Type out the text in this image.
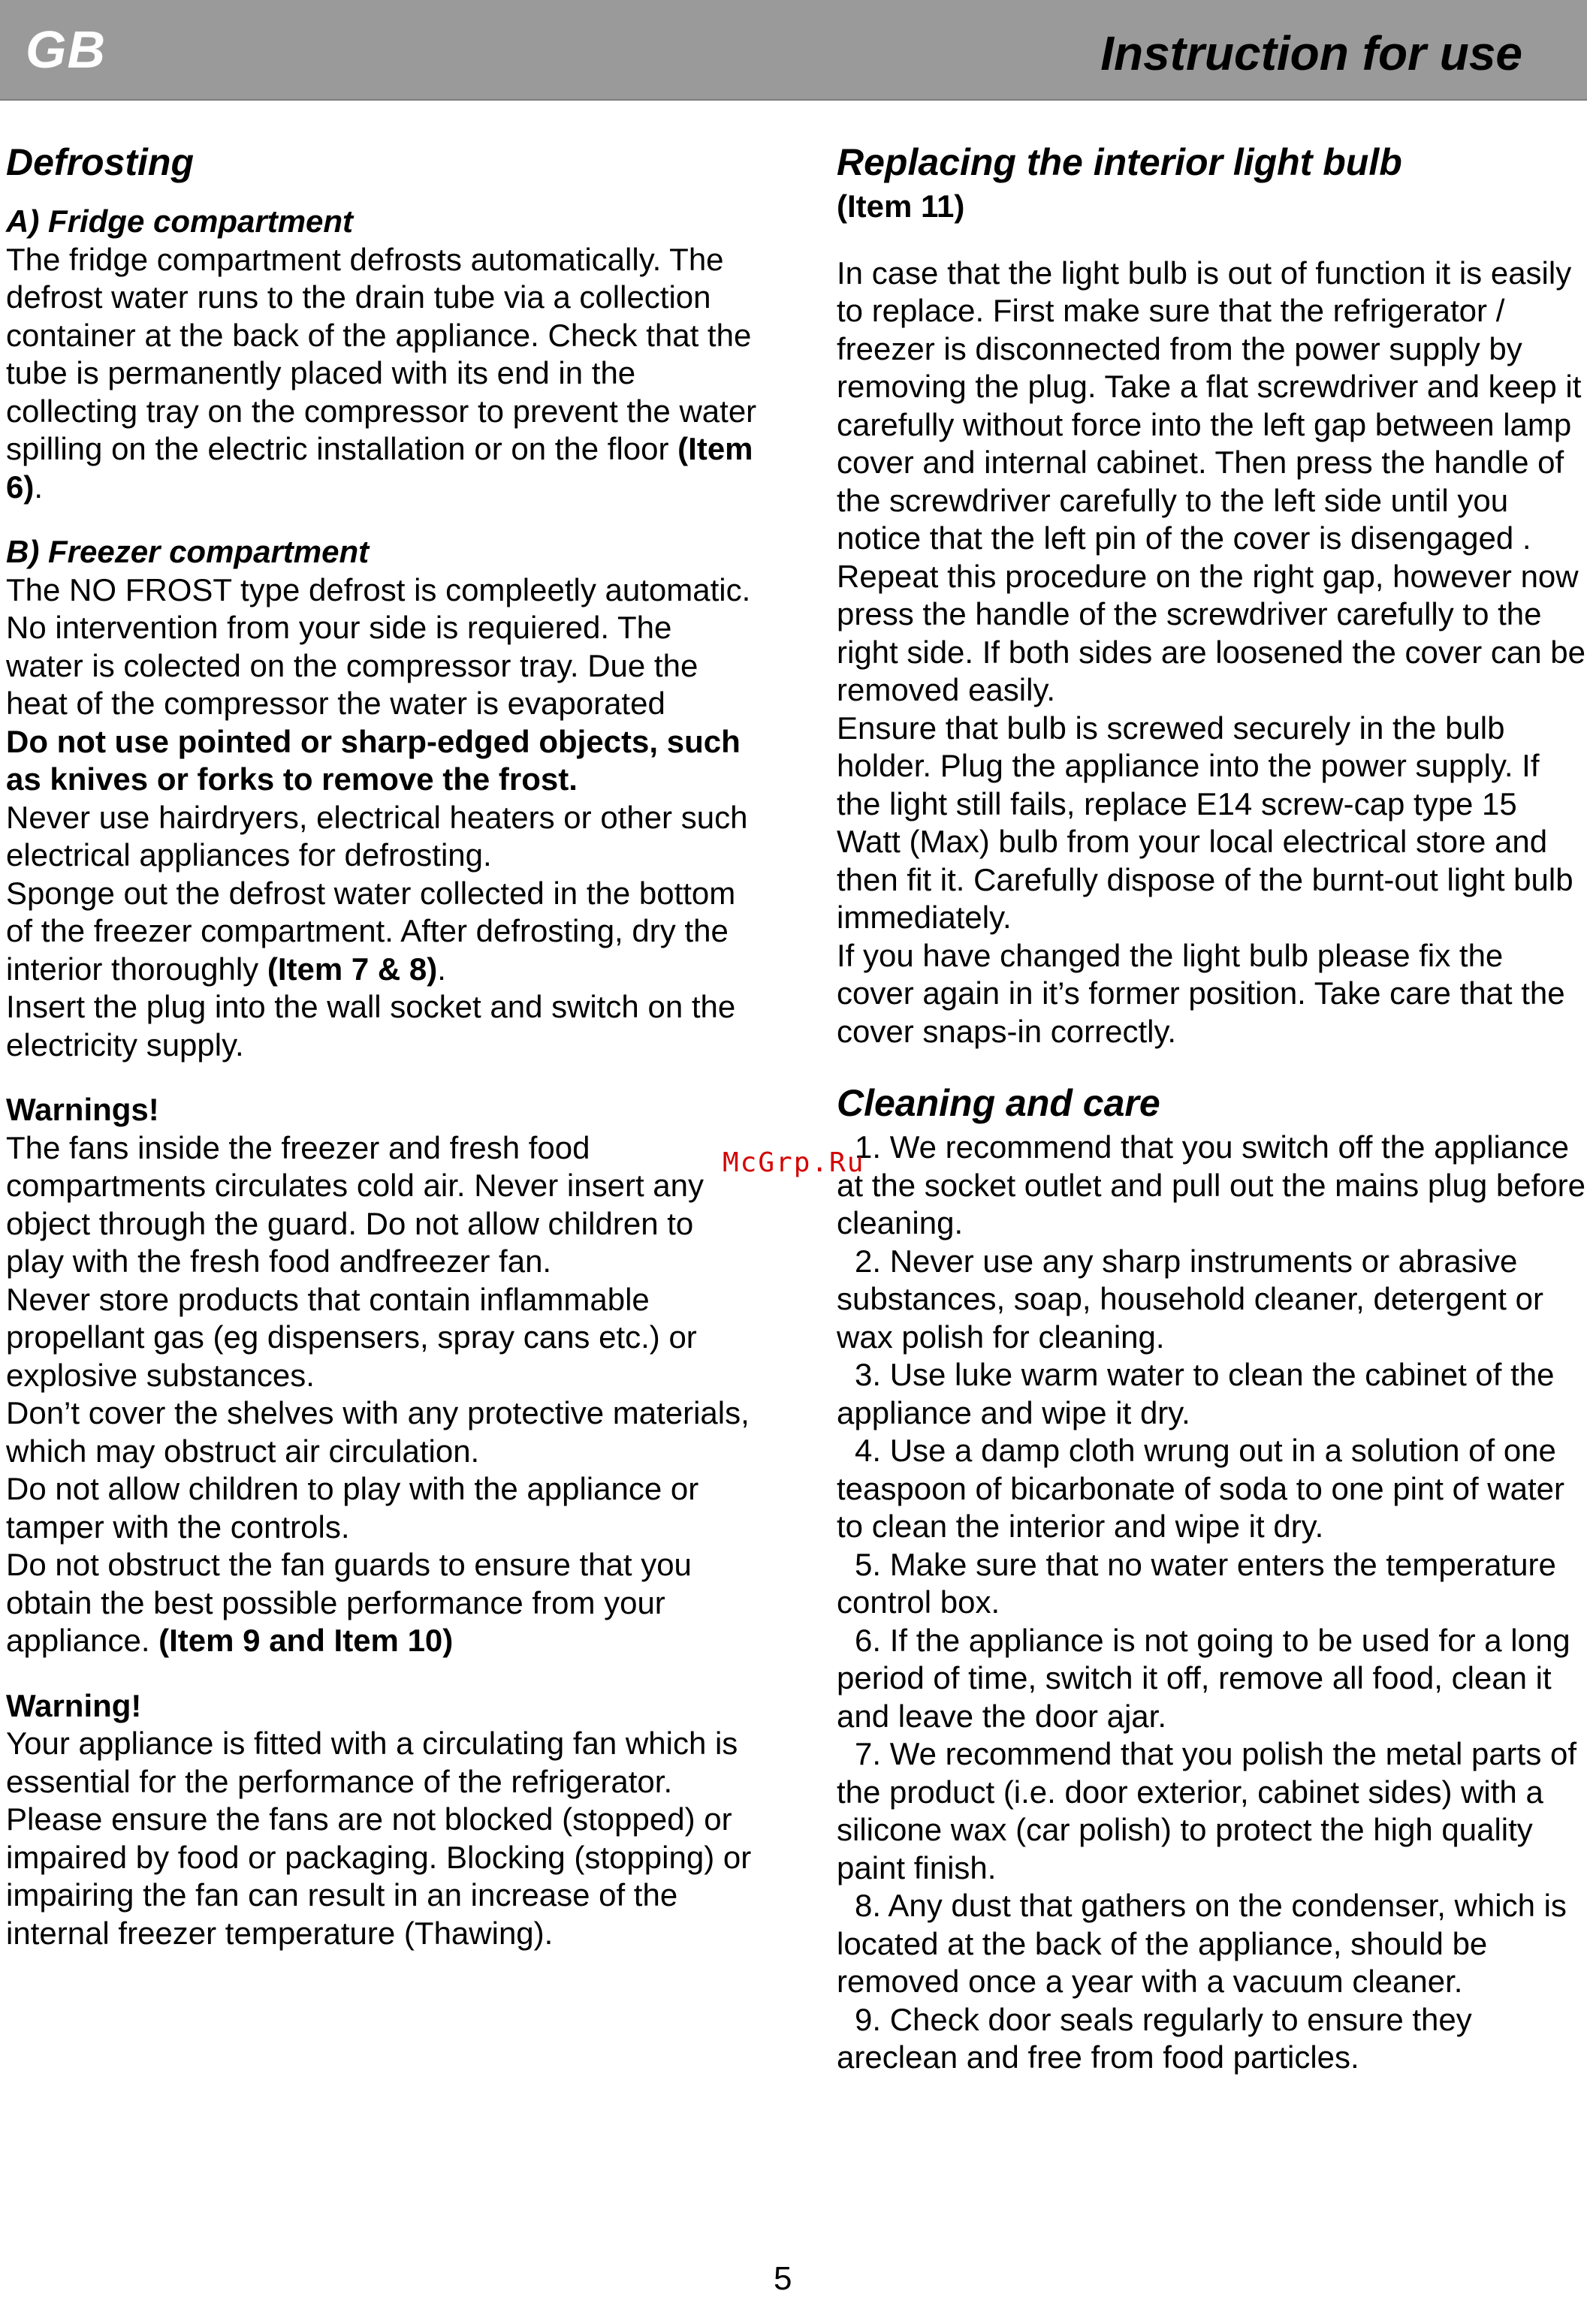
GB	Instruction for use
Defrosting
A) Fridge compartment

The fridge compartment defrosts automatically. The defrost water runs to the drain tube via a collection container at the back of the appliance. Check that the tube is permanently placed with its end in the collecting tray on the compressor to prevent the water spilling on the electric installation or on the floor (Item 6).

B) Freezer compartment

The NO FROST type defrost is compleetly automatic. No intervention from your side is requiered. The water is colected on the compressor tray. Due the heat of the compressor the water is evaporated

Do not use pointed or sharp-edged objects, such as knives or forks to remove the frost.

Never use hairdryers, electrical heaters or other such electrical appliances for defrosting.

Sponge out the defrost water collected in the bottom of the freezer compartment. After defrosting, dry the interior thoroughly (Item 7 & 8).

Insert the plug into the wall socket and switch on the electricity supply.

Warnings!

The fans inside the freezer and fresh food compartments circulates cold air. Never insert any object through the guard. Do not allow children to play with the fresh food andfreezer fan.

Never store products that contain inflammable propellant gas (eg dispensers, spray cans etc.) or explosive substances.

Don’t cover the shelves with any protective materials, which may obstruct air circulation.

Do not allow children to play with the appliance or tamper with the controls.

Do not obstruct the fan guards to ensure that you obtain the best possible performance from your appliance. (Item 9 and Item 10)

Warning!

Your appliance is fitted with a circulating fan which is essential for the performance of the refrigerator. Please ensure the fans are not blocked (stopped) or impaired by food or packaging. Blocking (stopping) or impairing the fan can result in an increase of the internal freezer temperature (Thawing).

Replacing the interior light bulb

(Item 11)

In case that the light bulb is out of function it is easily to replace. First make sure that the refrigerator / freezer is disconnected from the power supply by removing the plug. Take a flat screwdriver and keep it carefully without force into the left gap between lamp cover and internal cabinet. Then press the handle of the screwdriver carefully to the left side until you notice that the left pin of the cover is disengaged . Repeat this procedure on the right gap, however now press the handle of the screwdriver carefully to the right side. If both sides are loosened the cover can be removed easily.

Ensure that bulb is screwed securely in the bulb holder. Plug the appliance into the power supply. If the light still fails, replace E14 screw-cap type 15 Watt (Max) bulb from your local electrical store and then fit it. Carefully dispose of the burnt-out light bulb immediately.

If you have changed the light bulb please fix the cover again in it’s former position. Take care that the cover snaps-in correctly.

Cleaning and care
1. We recommend that you switch off the appliance at the socket outlet and pull out the mains plug before cleaning.
2. Never use any sharp instruments or abrasive substances, soap, household cleaner, detergent or wax polish for cleaning.
3. Use luke warm water to clean the cabinet of the appliance and wipe it dry.
4. Use a damp cloth wrung out in a solution of one teaspoon of bicarbonate of soda to one pint of water to clean the interior and wipe it dry.
5. Make sure that no water enters the temperature control box.
6. If the appliance is not going to be used for a long period of time, switch it off, remove all food, clean it and leave the door ajar.
7. We recommend that you polish the metal parts of the product (i.e. door exterior, cabinet sides) with a silicone wax (car polish) to protect the high quality paint finish.
8. Any dust that gathers on the condenser, which is located at the back of the appliance, should be removed once a year with a vacuum cleaner.
9. Check door seals regularly to ensure they areclean and free from food particles.
McGrp.Ru
5
